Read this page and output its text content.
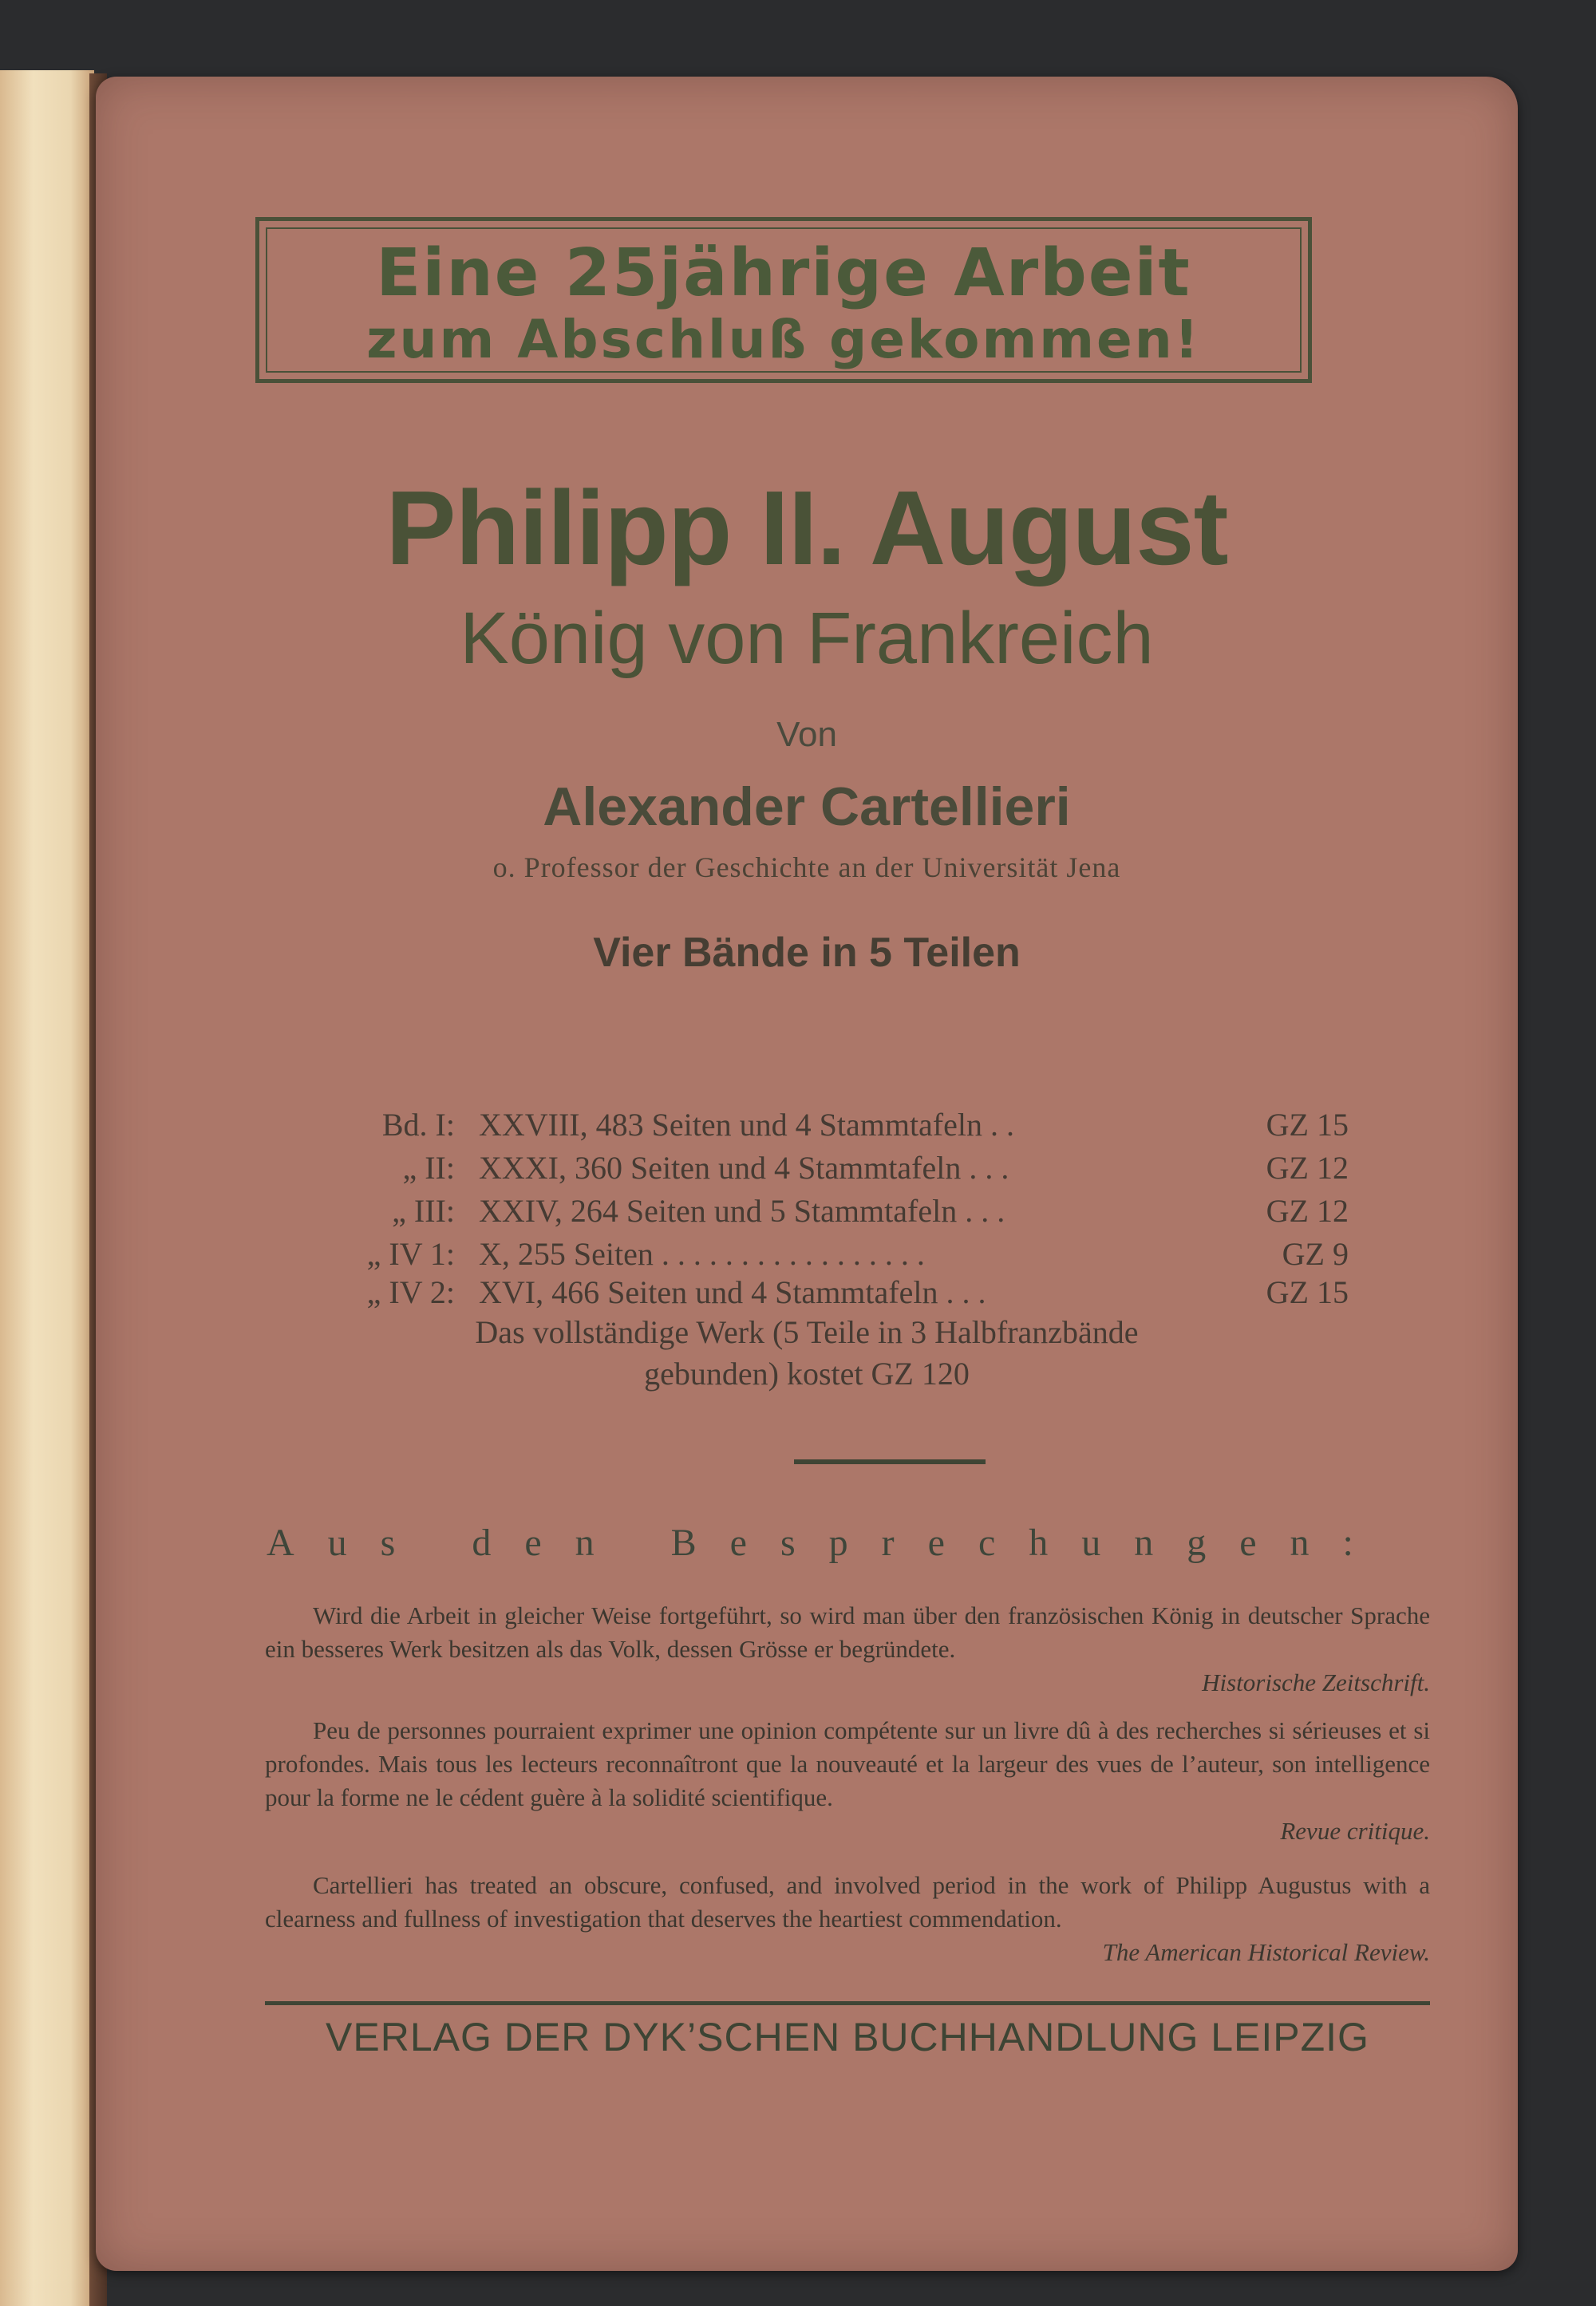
Eine 25jährige Arbeit
zum Abschluß gekommen!
Philipp II. August
König von Frankreich
Von
Alexander Cartellieri
o. Professor der Geschichte an der Universität Jena
Vier Bände in 5 Teilen
Bd. I: XXVIII, 483 Seiten und 4 Stammtafeln . .	GZ 15
„ II: XXXI, 360 Seiten und 4 Stammtafeln . . .	GZ 12
„ III: XXIV, 264 Seiten und 5 Stammtafeln . . .	GZ 12
„ IV 1: X, 255 Seiten . . . . . . . . . . . . . . . . .	GZ 9
„ IV 2: XVI, 466 Seiten und 4 Stammtafeln . . .	GZ 15
Das vollständige Werk (5 Teile in 3 Halbfranzbände
gebunden) kostet GZ 120
Aus den Besprechungen:
Wird die Arbeit in gleicher Weise fortgeführt, so wird man über den französischen König in deutscher Sprache ein besseres Werk besitzen als das Volk, dessen Grösse er begründete.
Historische Zeitschrift.
Peu de personnes pourraient exprimer une opinion compétente sur un livre dû à des recherches si sérieuses et si profondes. Mais tous les lecteurs reconnaîtront que la nouveauté et la largeur des vues de l’auteur, son intelligence pour la forme ne le cédent guère à la solidité scientifique.
Revue critique.
Cartellieri has treated an obscure, confused, and involved period in the work of Philipp Augustus with a clearness and fullness of investigation that deserves the heartiest commendation.
The American Historical Review.
VERLAG DER DYK’SCHEN BUCHHANDLUNG LEIPZIG
